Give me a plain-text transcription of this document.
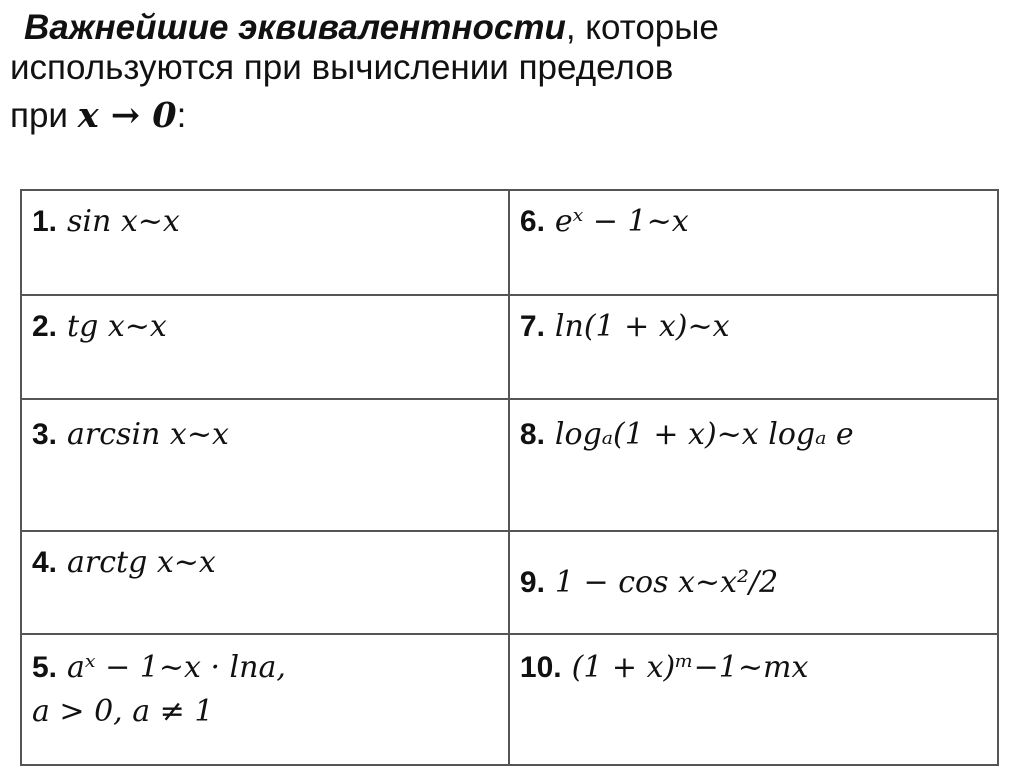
Важнейшие эквивалентности, которые
используются при вычислении пределов
при x → 0:
1. sin x~x	6. eˣ − 1~x
2. tg x~x	7. ln(1 + x)~x
3. arcsin x~x	8. logₐ(1 + x)~x logₐ e
4. arctg x~x	9. 1 − cos x~x²/2
5. aˣ − 1~x · lna,
a > 0, a ≠ 1	10. (1 + x)ᵐ−1~mx
